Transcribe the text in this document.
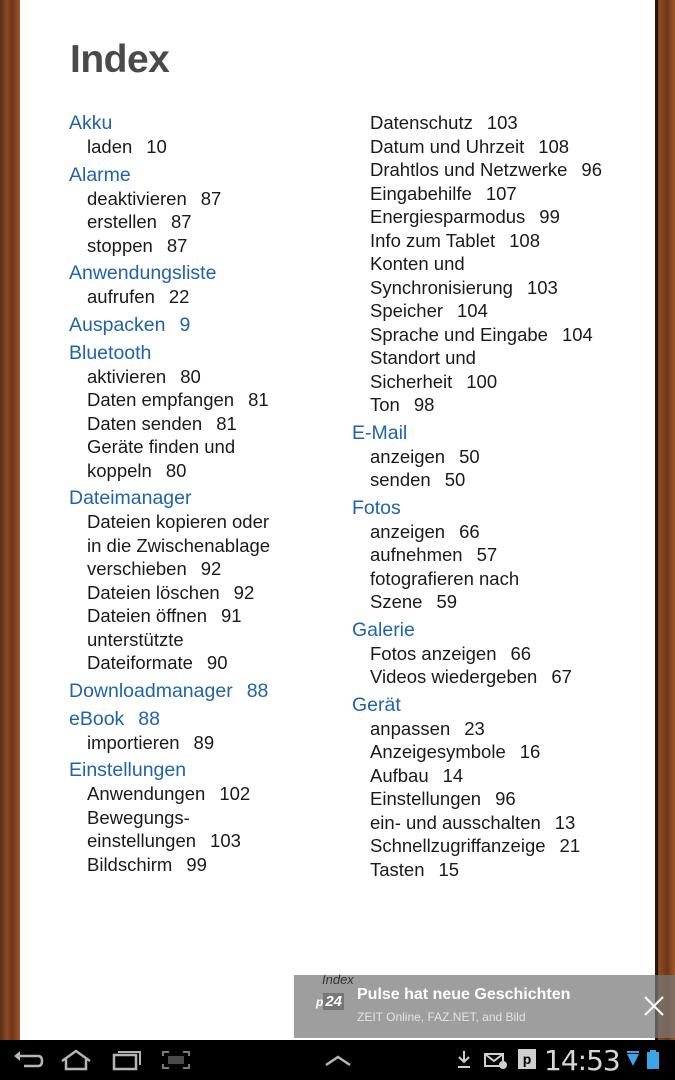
Index
Akku
laden 10
Alarme
deaktivieren 87
erstellen 87
stoppen 87
Anwendungsliste
aufrufen 22
Auspacken 9
Bluetooth
aktivieren 80
Daten empfangen 81
Daten senden 81
Geräte finden und
koppeln 80
Dateimanager
Dateien kopieren oder
in die Zwischenablage
verschieben 92
Dateien löschen 92
Dateien öffnen 91
unterstützte
Dateiformate 90
Downloadmanager 88
eBook 88
importieren 89
Einstellungen
Anwendungen 102
Bewegungs-
einstellungen 103
Bildschirm 99
Datenschutz 103
Datum und Uhrzeit 108
Drahtlos und Netzwerke 96
Eingabehilfe 107
Energiesparmodus 99
Info zum Tablet 108
Konten und
Synchronisierung 103
Speicher 104
Sprache und Eingabe 104
Standort und
Sicherheit 100
Ton 98
E-Mail
anzeigen 50
senden 50
Fotos
anzeigen 66
aufnehmen 57
fotografieren nach
Szene 59
Galerie
Fotos anzeigen 66
Videos wiedergeben 67
Gerät
anpassen 23
Anzeigesymbole 16
Aufbau 14
Einstellungen 96
ein- und ausschalten 13
Schnellzugriffanzeige 21
Tasten 15
Index
p 24 Pulse hat neue Geschichten
ZEIT Online, FAZ.NET, and Bild
p 14:53
